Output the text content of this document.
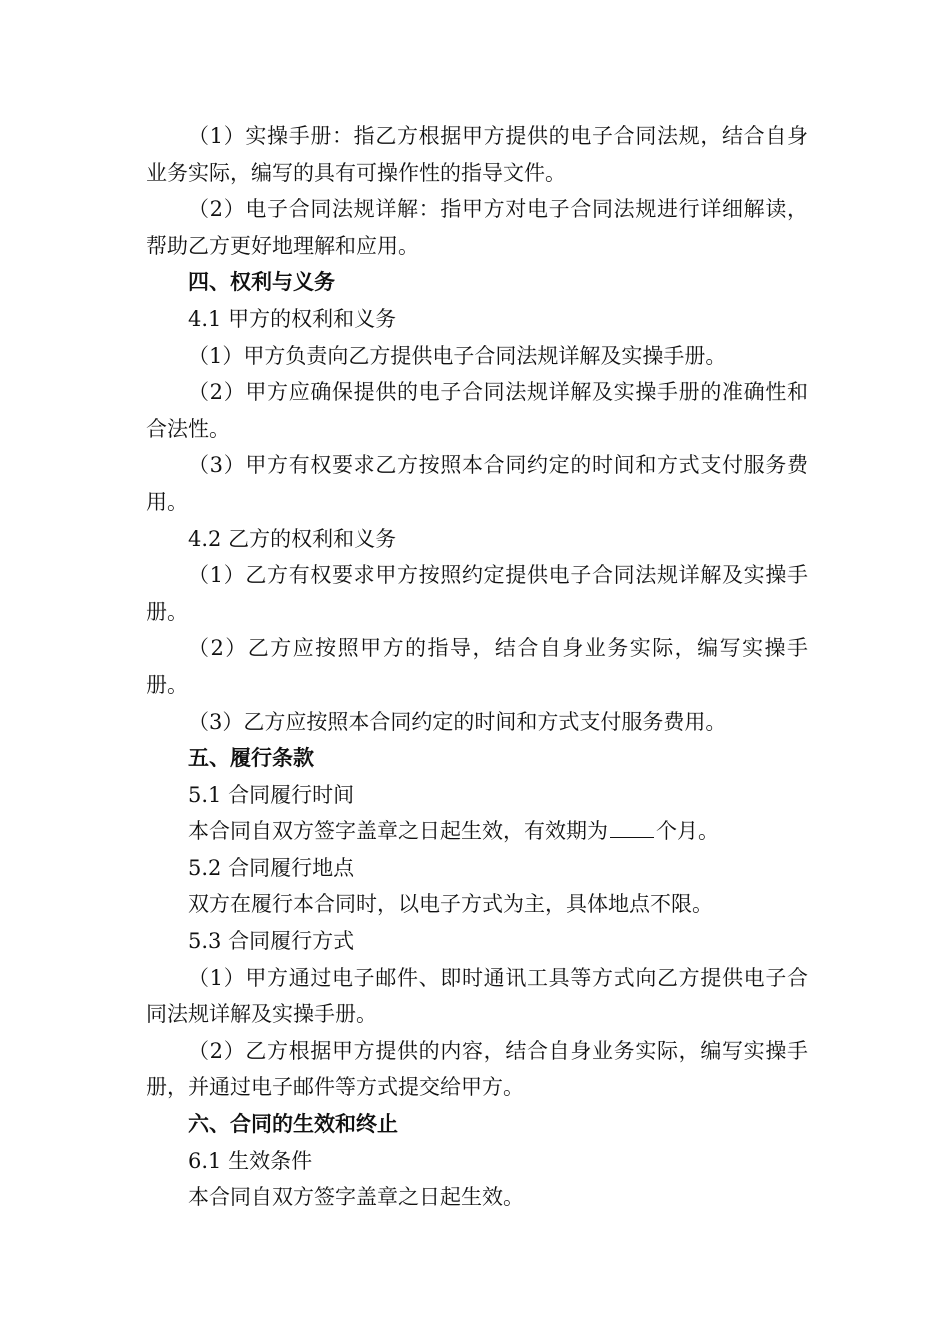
（1）实操手册：指乙方根据甲方提供的电子合同法规，结合自身业务实际，编写的具有可操作性的指导文件。

（2）电子合同法规详解：指甲方对电子合同法规进行详细解读，帮助乙方更好地理解和应用。

四、权利与义务

4.1 甲方的权利和义务

（1）甲方负责向乙方提供电子合同法规详解及实操手册。

（2）甲方应确保提供的电子合同法规详解及实操手册的准确性和合法性。

（3）甲方有权要求乙方按照本合同约定的时间和方式支付服务费用。

4.2 乙方的权利和义务

（1）乙方有权要求甲方按照约定提供电子合同法规详解及实操手册。

（2）乙方应按照甲方的指导，结合自身业务实际，编写实操手册。

（3）乙方应按照本合同约定的时间和方式支付服务费用。

五、履行条款

5.1 合同履行时间

本合同自双方签字盖章之日起生效，有效期为 个月。

5.2 合同履行地点

双方在履行本合同时，以电子方式为主，具体地点不限。

5.3 合同履行方式

（1）甲方通过电子邮件、即时通讯工具等方式向乙方提供电子合同法规详解及实操手册。

（2）乙方根据甲方提供的内容，结合自身业务实际，编写实操手册，并通过电子邮件等方式提交给甲方。

六、合同的生效和终止

6.1 生效条件

本合同自双方签字盖章之日起生效。
